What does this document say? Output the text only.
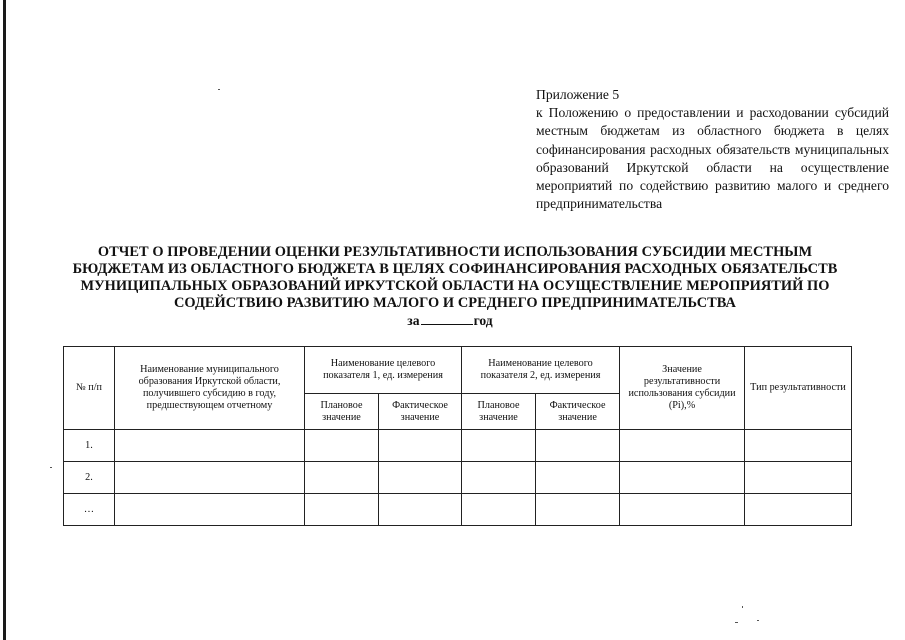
Приложение 5
к Положению о предоставлении и расходовании субсидий местным бюджетам из областного бюджета в целях софинансирования расходных обязательств муниципальных образований Иркутской области на осуществление мероприятий по содействию развитию малого и среднего предпринимательства
ОТЧЕТ О ПРОВЕДЕНИИ ОЦЕНКИ РЕЗУЛЬТАТИВНОСТИ ИСПОЛЬЗОВАНИЯ СУБСИДИИ МЕСТНЫМ БЮДЖЕТАМ ИЗ ОБЛАСТНОГО БЮДЖЕТА В ЦЕЛЯХ СОФИНАНСИРОВАНИЯ РАСХОДНЫХ ОБЯЗАТЕЛЬСТВ МУНИЦИПАЛЬНЫХ ОБРАЗОВАНИЙ ИРКУТСКОЙ ОБЛАСТИ НА ОСУЩЕСТВЛЕНИЕ МЕРОПРИЯТИЙ ПО СОДЕЙСТВИЮ РАЗВИТИЮ МАЛОГО И СРЕДНЕГО ПРЕДПРИНИМАТЕЛЬСТВА
за	год
№ п/п	Наименование муниципального образования Иркутской области, получившего субсидию в году, предшествующем отчетному	Наименование целевого показателя 1, ед. измерения		Наименование целевого показателя 2, ед. измерения		Значение результативности использования субсидии (Pi),%	Тип результативности
		Плановое значение	Фактическое значение	Плановое значение	Фактическое значение		
1.							
2.							
…							
